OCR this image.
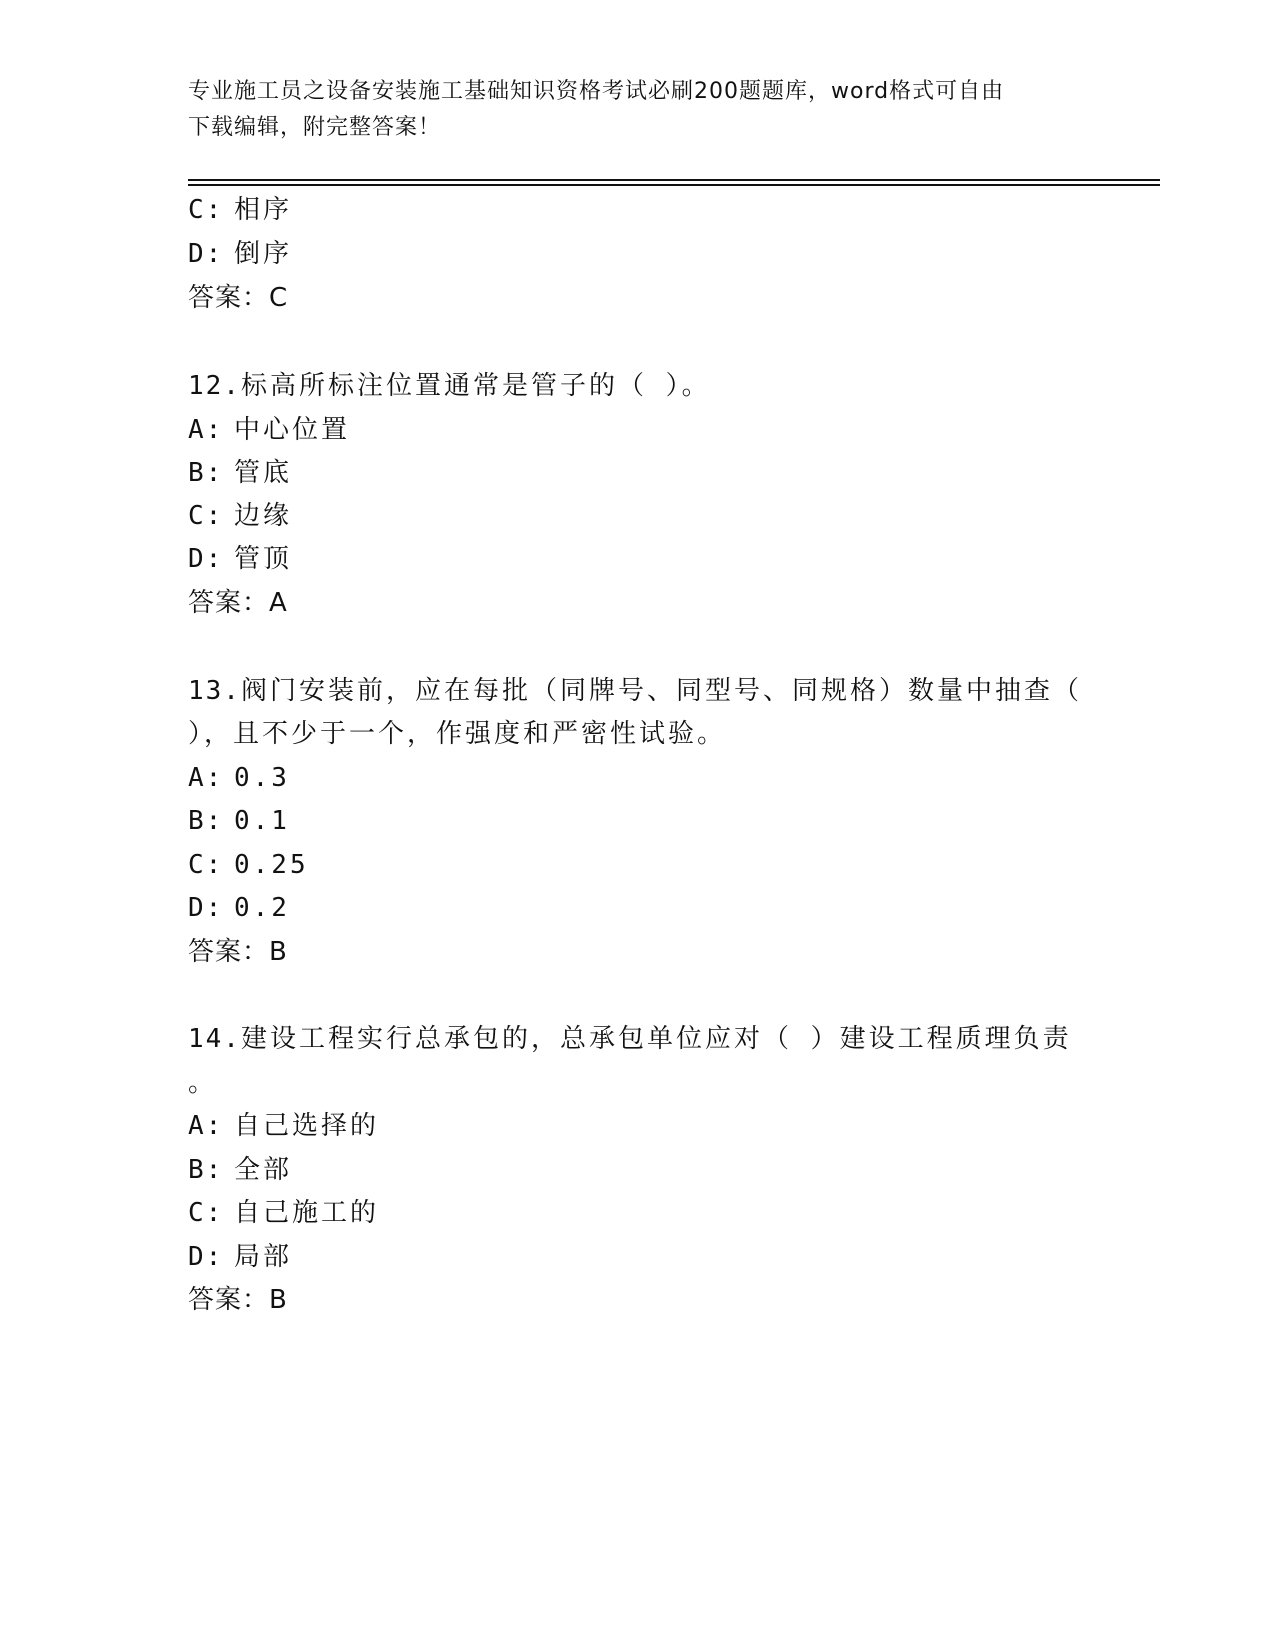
专业施工员之设备安装施工基础知识资格考试必刷200题题库，word格式可自由
下载编辑，附完整答案！
C: 相序
D: 倒序
答案：C
12.标高所标注位置通常是管子的（ ）。
A: 中心位置
B: 管底
C: 边缘
D: 管顶
答案：A
13.阀门安装前，应在每批（同牌号、同型号、同规格）数量中抽查（
），且不少于一个，作强度和严密性试验。
A: 0.3
B: 0.1
C: 0.25
D: 0.2
答案：B
14.建设工程实行总承包的，总承包单位应对（ ）建设工程质理负责
。
A: 自己选择的
B: 全部
C: 自己施工的
D: 局部
答案：B
